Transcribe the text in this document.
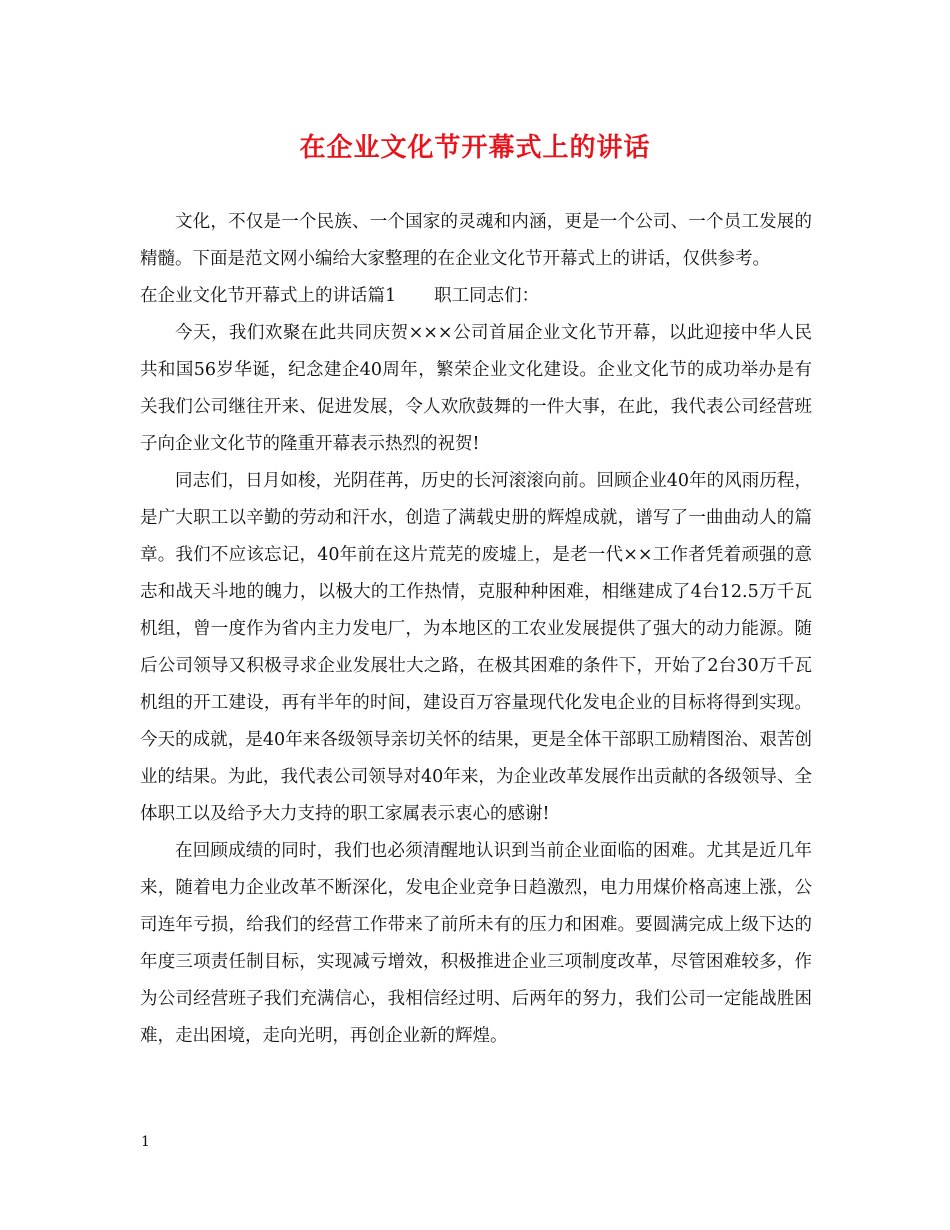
在企业文化节开幕式上的讲话

文化，不仅是一个民族、一个国家的灵魂和内涵，更是一个公司、一个员工发展的精髓。下面是范文网小编给大家整理的在企业文化节开幕式上的讲话，仅供参考。

在企业文化节开幕式上的讲话篇1 职工同志们：

今天，我们欢聚在此共同庆贺×××公司首届企业文化节开幕，以此迎接中华人民共和国56岁华诞，纪念建企40周年，繁荣企业文化建设。企业文化节的成功举办是有关我们公司继往开来、促进发展，令人欢欣鼓舞的一件大事，在此，我代表公司经营班子向企业文化节的隆重开幕表示热烈的祝贺!

同志们，日月如梭，光阴荏苒，历史的长河滚滚向前。回顾企业40年的风雨历程，是广大职工以辛勤的劳动和汗水，创造了满载史册的辉煌成就，谱写了一曲曲动人的篇章。我们不应该忘记，40年前在这片荒芜的废墟上，是老一代××工作者凭着顽强的意志和战天斗地的魄力，以极大的工作热情，克服种种困难，相继建成了4台12.5万千瓦机组，曾一度作为省内主力发电厂，为本地区的工农业发展提供了强大的动力能源。随后公司领导又积极寻求企业发展壮大之路，在极其困难的条件下，开始了2台30万千瓦机组的开工建设，再有半年的时间，建设百万容量现代化发电企业的目标将得到实现。今天的成就，是40年来各级领导亲切关怀的结果，更是全体干部职工励精图治、艰苦创业的结果。为此，我代表公司领导对40年来，为企业改革发展作出贡献的各级领导、全体职工以及给予大力支持的职工家属表示衷心的感谢!

在回顾成绩的同时，我们也必须清醒地认识到当前企业面临的困难。尤其是近几年来，随着电力企业改革不断深化，发电企业竞争日趋激烈，电力用煤价格高速上涨，公司连年亏损，给我们的经营工作带来了前所未有的压力和困难。要圆满完成上级下达的年度三项责任制目标，实现减亏增效，积极推进企业三项制度改革，尽管困难较多，作为公司经营班子我们充满信心，我相信经过明、后两年的努力，我们公司一定能战胜困难，走出困境，走向光明，再创企业新的辉煌。

1
